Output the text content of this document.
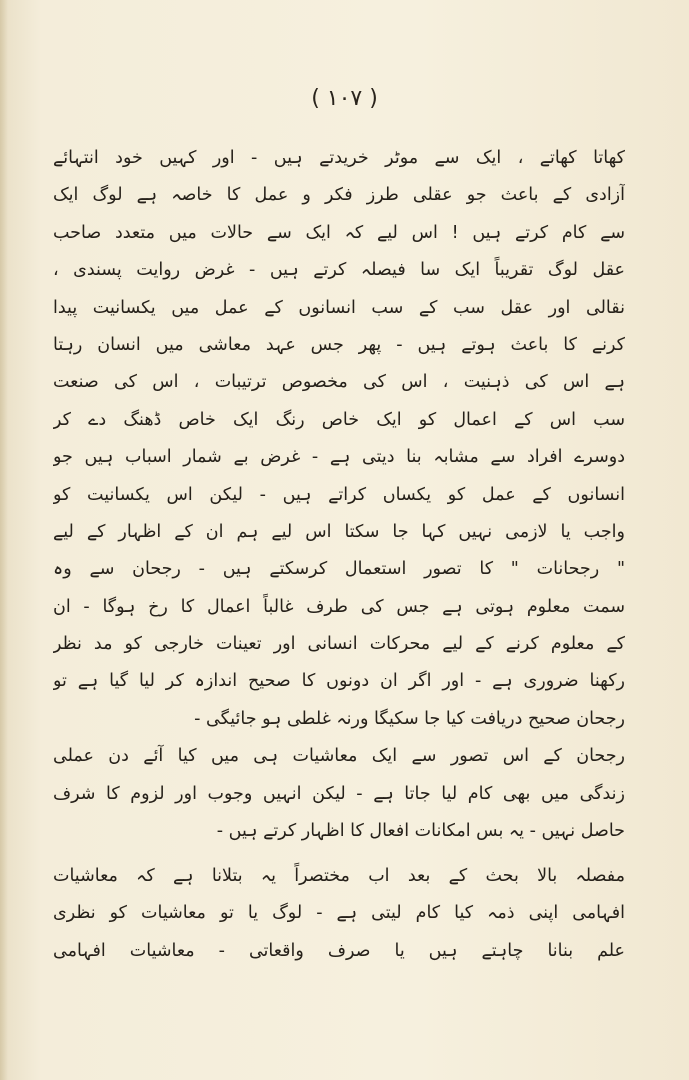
( ۱۰۷ )
کھاتا کھاتے ، ایک سے موٹر خریدتے ہیں - اور کہیں خود انتہائے
آزادی کے باعث جو عقلی طرز فکر و عمل کا خاصہ ہے لوگ ایک
سے کام کرتے ہیں ! اس لیے کہ ایک سے حالات میں متعدد صاحب
عقل لوگ تقریباً ایک سا فیصلہ کرتے ہیں - غرض روایت پسندی ،
نقالی اور عقل سب کے سب انسانوں کے عمل میں یکسانیت پیدا
کرنے کا باعث ہوتے ہیں - پھر جس عہد معاشی میں انسان رہتا
ہے اس کی ذہنیت ، اس کی مخصوص ترتیبات ، اس کی صنعت
سب اس کے اعمال کو ایک خاص رنگ ایک خاص ڈھنگ دے کر
دوسرے افراد سے مشابہ بنا دیتی ہے - غرض بے شمار اسباب ہیں جو
انسانوں کے عمل کو یکساں کراتے ہیں - لیکن اس یکسانیت کو
واجب یا لازمی نہیں کہا جا سکتا اس لیے ہم ان کے اظہار کے لیے
" رجحانات " کا تصور استعمال کرسکتے ہیں - رجحان سے وہ
سمت معلوم ہوتی ہے جس کی طرف غالباً اعمال کا رخ ہوگا - ان
کے معلوم کرنے کے لیے محرکات انسانی اور تعینات خارجی کو مد نظر
رکھنا ضروری ہے - اور اگر ان دونوں کا صحیح اندازہ کر لیا گیا ہے تو
رجحان صحیح دریافت کیا جا سکیگا ورنہ غلطی ہو جائیگی -
رجحان کے اس تصور سے ایک معاشیات ہی میں کیا آئے دن عملی
زندگی میں بھی کام لیا جاتا ہے - لیکن انہیں وجوب اور لزوم کا شرف
حاصل نہیں - یہ بس امکانات افعال کا اظہار کرتے ہیں -
مفصلہ بالا بحث کے بعد اب مختصراً یہ بتلانا ہے کہ معاشیات
افہامی اپنی ذمہ کیا کام لیتی ہے - لوگ یا تو معاشیات کو نظری
علم بنانا چاہتے ہیں یا صرف واقعاتی - معاشیات افہامی
